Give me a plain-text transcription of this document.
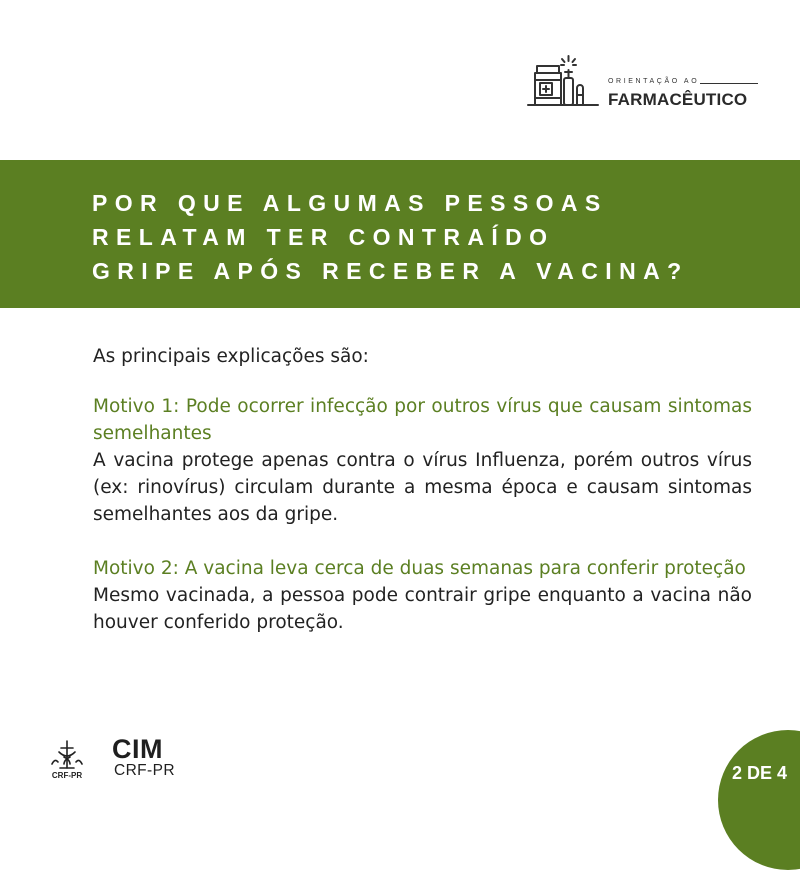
ORIENTAÇÃO AO
FARMACÊUTICO
POR QUE ALGUMAS PESSOAS
RELATAM TER CONTRAÍDO
GRIPE APÓS RECEBER A VACINA?

As principais explicações são:

Motivo 1: Pode ocorrer infecção por outros vírus que causam sintomas semelhantes

A vacina protege apenas contra o vírus Influenza, porém outros vírus (ex: rinovírus) circulam durante a mesma época e causam sintomas semelhantes aos da gripe.

Motivo 2: A vacina leva cerca de duas semanas para conferir proteção

Mesmo vacinada, a pessoa pode contrair gripe enquanto a vacina não houver conferido proteção.

CRF-PR
CIM
CRF-PR	2 DE 4
